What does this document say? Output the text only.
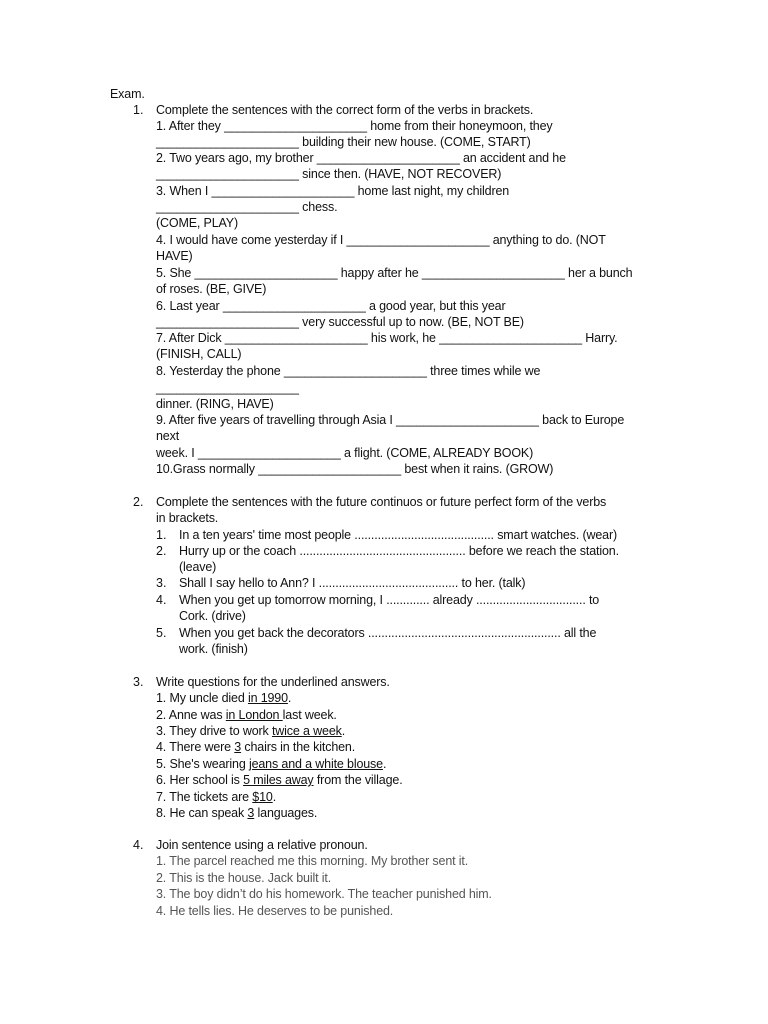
Exam.
1. Complete the sentences with the correct form of the verbs in brackets.
1. After they _____________________ home from their honeymoon, they
_____________________ building their new house. (COME, START)
2. Two years ago, my brother _____________________ an accident and he
_____________________ since then. (HAVE, NOT RECOVER)
3. When I _____________________ home last night, my children
_____________________ chess.
(COME, PLAY)
4. I would have come yesterday if I _____________________ anything to do. (NOT
HAVE)
5. She _____________________ happy after he _____________________ her a bunch
of roses. (BE, GIVE)
6. Last year _____________________ a good year, but this year
_____________________ very successful up to now. (BE, NOT BE)
7. After Dick _____________________ his work, he _____________________ Harry.
(FINISH, CALL)
8. Yesterday the phone _____________________ three times while we
_____________________
dinner. (RING, HAVE)
9. After five years of travelling through Asia I _____________________ back to Europe
next
week. I _____________________ a flight. (COME, ALREADY BOOK)
10.Grass normally _____________________ best when it rains. (GROW)
2. Complete the sentences with the future continuos or future perfect form of the verbs
in brackets.
1. In a ten years' time most people .......................................... smart watches. (wear)
2. Hurry up or the coach .................................................. before we reach the station.
(leave)
3. Shall I say hello to Ann? I .......................................... to her. (talk)
4. When you get up tomorrow morning, I ............. already ................................. to
Cork. (drive)
5. When you get back the decorators .......................................................... all the
work. (finish)
3. Write questions for the underlined answers.
1. My uncle died in 1990.
2. Anne was in London last week.
3. They drive to work twice a week.
4. There were 3 chairs in the kitchen.
5. She's wearing jeans and a white blouse.
6. Her school is 5 miles away from the village.
7. The tickets are $10.
8. He can speak 3 languages.
4. Join sentence using a relative pronoun.
1. The parcel reached me this morning. My brother sent it.
2. This is the house. Jack built it.
3. The boy didn’t do his homework. The teacher punished him.
4. He tells lies. He deserves to be punished.
